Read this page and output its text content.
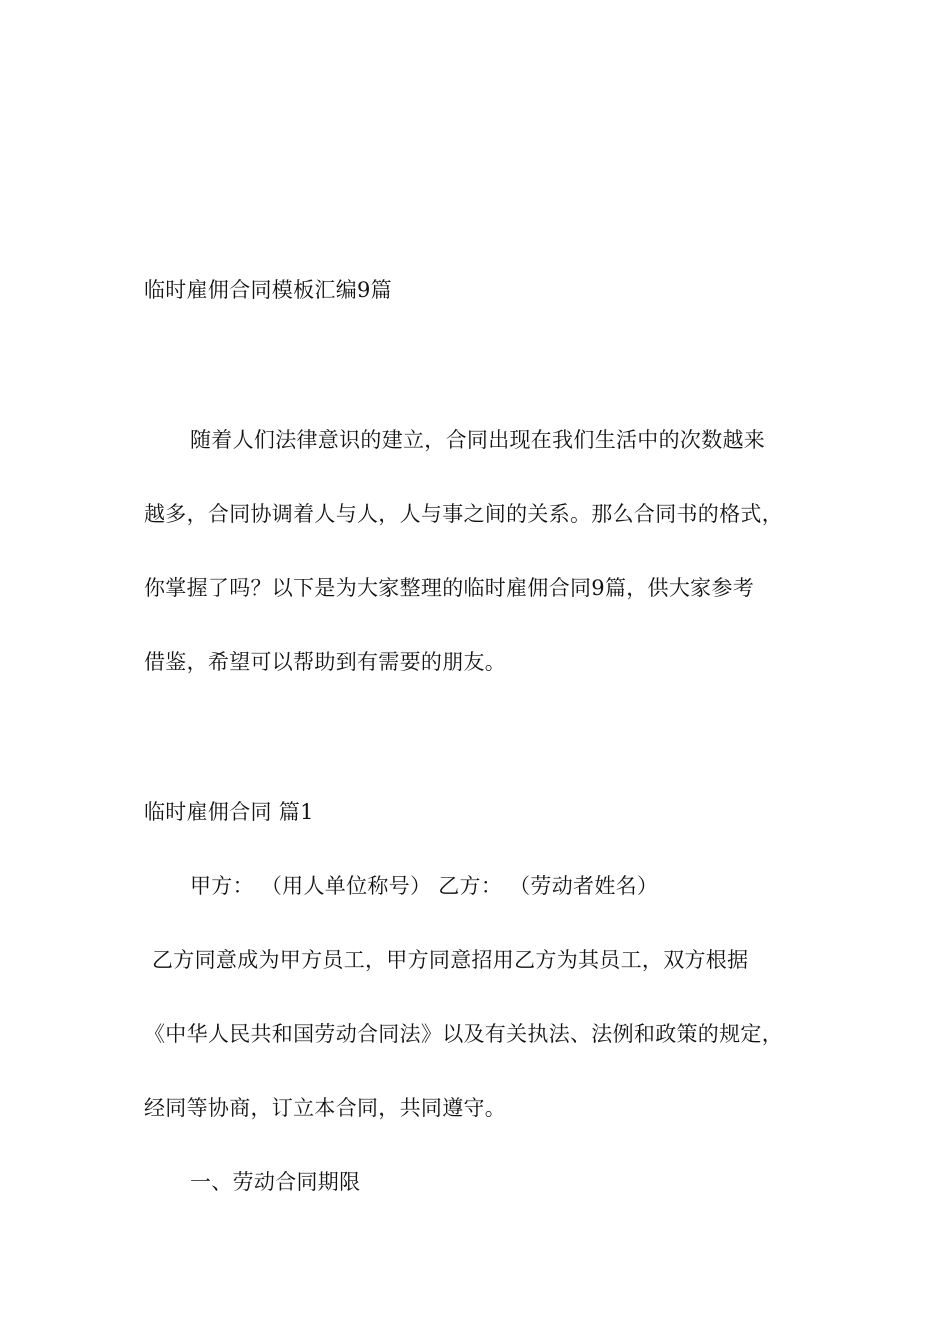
临时雇佣合同模板汇编9篇
随着人们法律意识的建立，合同出现在我们生活中的次数越来
越多，合同协调着人与人，人与事之间的关系。那么合同书的格式，
你掌握了吗？以下是为大家整理的临时雇佣合同9篇，供大家参考
借鉴，希望可以帮助到有需要的朋友。
临时雇佣合同 篇1
甲方： （用人单位称号） 乙方： （劳动者姓名）
乙方同意成为甲方员工，甲方同意招用乙方为其员工，双方根据
《中华人民共和国劳动合同法》以及有关执法、法例和政策的规定，
经同等协商，订立本合同，共同遵守。
一、劳动合同期限
